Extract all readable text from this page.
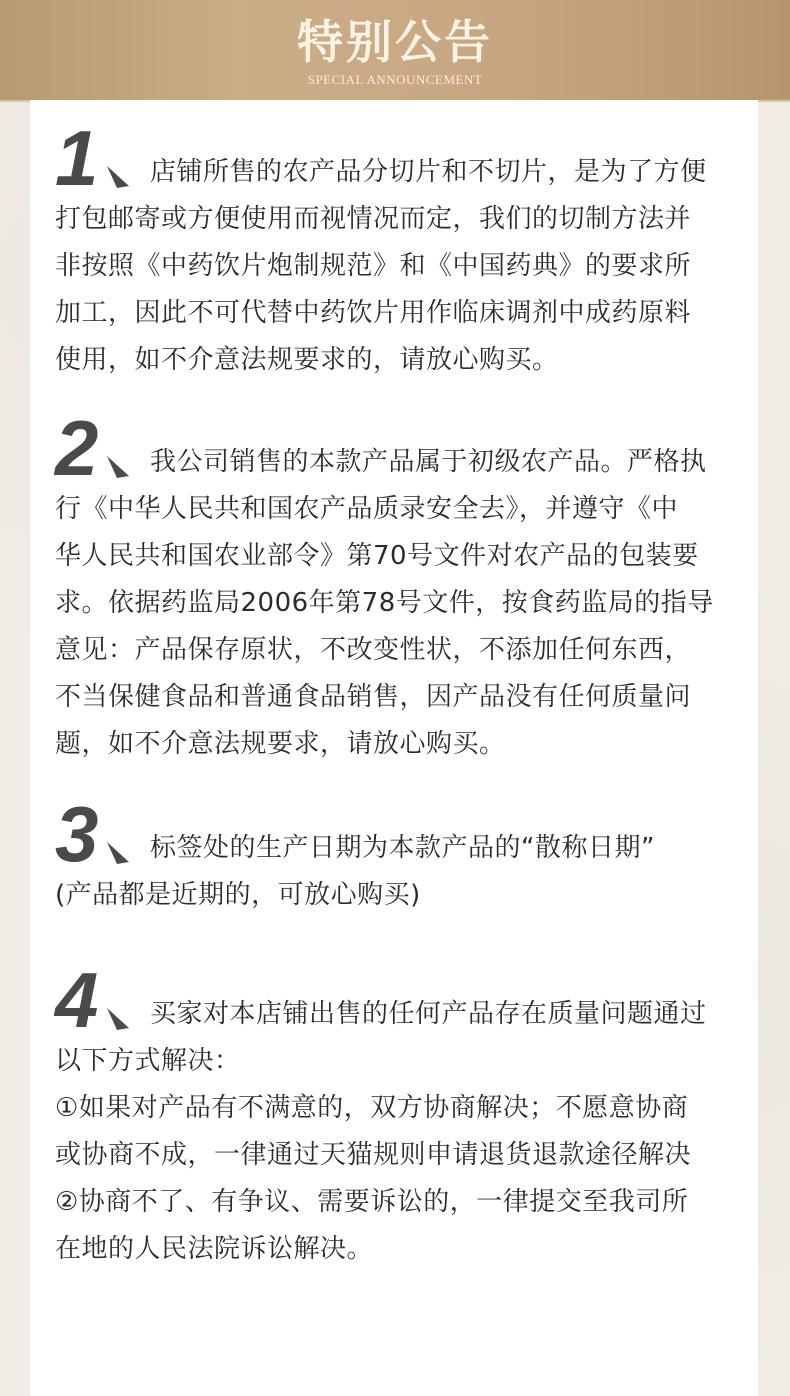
特别公告
SPECIAL ANNOUNCEMENT
1	店铺所售的农产品分切片和不切片，是为了方便
打包邮寄或方便使用而视情况而定，我们的切制方法并
非按照《中药饮片炮制规范》和《中国药典》的要求所
加工，因此不可代替中药饮片用作临床调剂中成药原料
使用，如不介意法规要求的，请放心购买。
2	我公司销售的本款产品属于初级农产品。严格执
行《中华人民共和国农产品质录安全去》，并遵守《中
华人民共和国农业部令》第70号文件对农产品的包装要
求。依据药监局2006年第78号文件，按食药监局的指导
意见：产品保存原状，不改变性状，不添加任何东西，
不当保健食品和普通食品销售，因产品没有任何质量问
题，如不介意法规要求，请放心购买。
3	标签处的生产日期为本款产品的“散称日期”
(产品都是近期的，可放心购买)
4	买家对本店铺出售的任何产品存在质量问题通过
以下方式解决：
①如果对产品有不满意的，双方协商解决；不愿意协商
或协商不成，一律通过天猫规则申请退货退款途径解决
②协商不了、有争议、需要诉讼的，一律提交至我司所
在地的人民法院诉讼解决。
